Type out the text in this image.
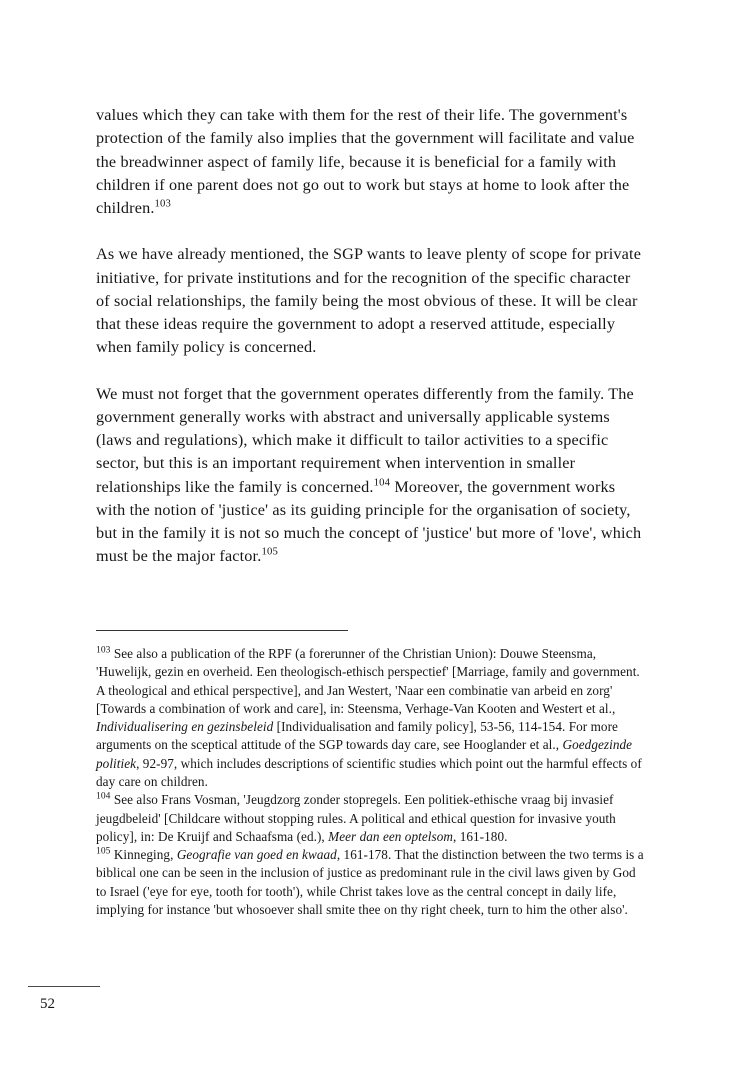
values which they can take with them for the rest of their life. The government's protection of the family also implies that the government will facilitate and value the breadwinner aspect of family life, because it is beneficial for a family with children if one parent does not go out to work but stays at home to look after the children.$^{103}$

As we have already mentioned, the SGP wants to leave plenty of scope for private initiative, for private institutions and for the recognition of the specific character of social relationships, the family being the most obvious of these. It will be clear that these ideas require the government to adopt a reserved attitude, especially when family policy is concerned.

We must not forget that the government operates differently from the family. The government generally works with abstract and universally applicable systems (laws and regulations), which make it difficult to tailor activities to a specific sector, but this is an important requirement when intervention in smaller relationships like the family is concerned.$^{104}$ Moreover, the government works with the notion of 'justice' as its guiding principle for the organisation of society, but in the family it is not so much the concept of 'justice' but more of 'love', which must be the major factor.$^{105}$

$^{103}$ See also a publication of the RPF (a forerunner of the Christian Union): Douwe Steensma, 'Huwelijk, gezin en overheid. Een theologisch-ethisch perspectief' [Marriage, family and government. A theological and ethical perspective], and Jan Westert, 'Naar een combinatie van arbeid en zorg' [Towards a combination of work and care], in: Steensma, Verhage-Van Kooten and Westert et al., Individualisering en gezinsbeleid [Individualisation and family policy], 53-56, 114-154. For more arguments on the sceptical attitude of the SGP towards day care, see Hooglander et al., Goedgezinde politiek, 92-97, which includes descriptions of scientific studies which point out the harmful effects of day care on children.

$^{104}$ See also Frans Vosman, 'Jeugdzorg zonder stopregels. Een politiek-ethische vraag bij invasief jeugdbeleid' [Childcare without stopping rules. A political and ethical question for invasive youth policy], in: De Kruijf and Schaafsma (ed.), Meer dan een optelsom, 161-180.

$^{105}$ Kinneging, Geografie van goed en kwaad, 161-178. That the distinction between the two terms is a biblical one can be seen in the inclusion of justice as predominant rule in the civil laws given by God to Israel ('eye for eye, tooth for tooth'), while Christ takes love as the central concept in daily life, implying for instance 'but whosoever shall smite thee on thy right cheek, turn to him the other also'.

52
